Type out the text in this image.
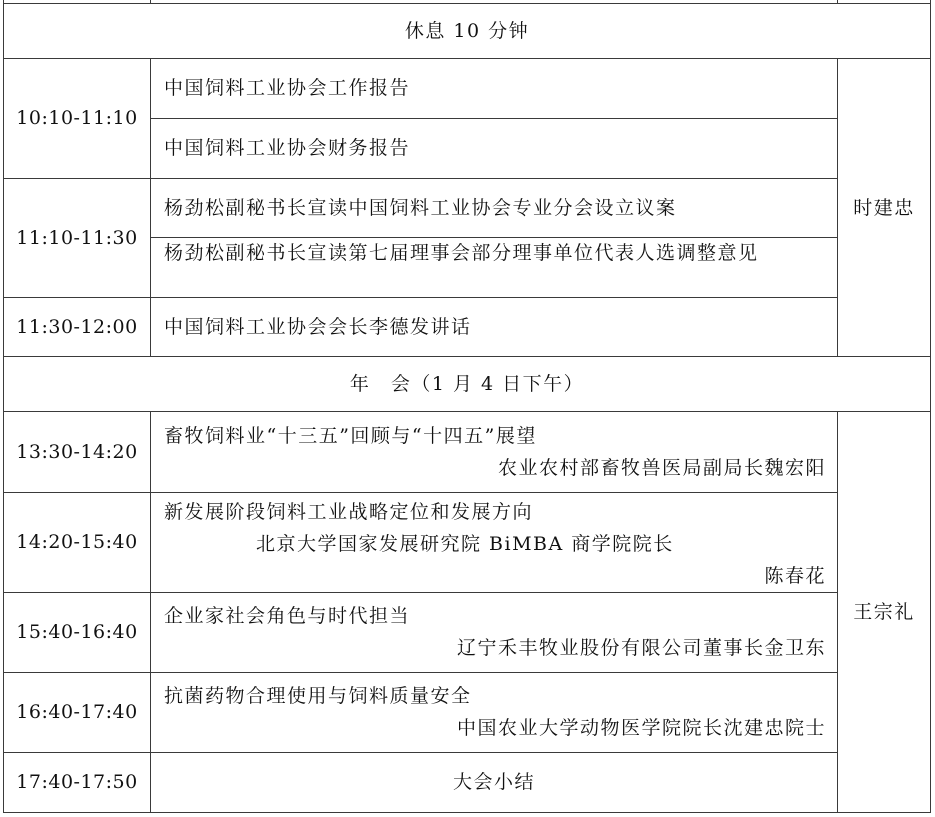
休息 10 分钟
10:10-11:10
中国饲料工业协会工作报告
中国饲料工业协会财务报告
11:10-11:30
杨劲松副秘书长宣读中国饲料工业协会专业分会设立议案
杨劲松副秘书长宣读第七届理事会部分理事单位代表人选调整意见
11:30-12:00	中国饲料工业协会会长李德发讲话
时建忠
年　会（1 月 4 日下午）
13:30-14:20
畜牧饲料业“十三五”回顾与“十四五”展望
农业农村部畜牧兽医局副局长魏宏阳
14:20-15:40
新发展阶段饲料工业战略定位和发展方向
北京大学国家发展研究院 BiMBA 商学院院长
陈春花
15:40-16:40
企业家社会角色与时代担当
辽宁禾丰牧业股份有限公司董事长金卫东
16:40-17:40
抗菌药物合理使用与饲料质量安全
中国农业大学动物医学院院长沈建忠院士
17:40-17:50	大会小结
王宗礼
